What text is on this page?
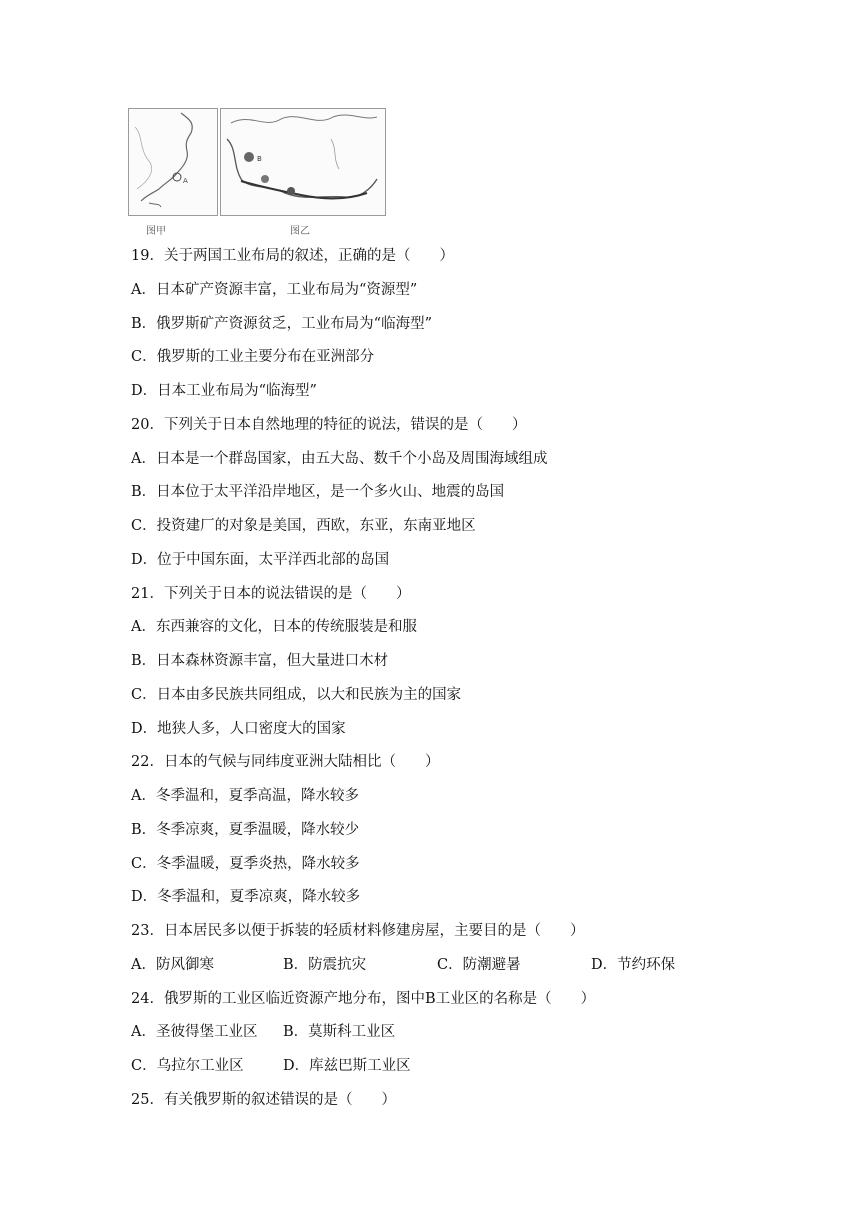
A
B
图甲	图乙
19．关于两国工业布局的叙述，正确的是（　　）
A．日本矿产资源丰富，工业布局为“资源型”
B．俄罗斯矿产资源贫乏，工业布局为“临海型”
C．俄罗斯的工业主要分布在亚洲部分
D．日本工业布局为“临海型”
20．下列关于日本自然地理的特征的说法，错误的是（　　）
A．日本是一个群岛国家，由五大岛、数千个小岛及周围海域组成
B．日本位于太平洋沿岸地区，是一个多火山、地震的岛国
C．投资建厂的对象是美国，西欧，东亚，东南亚地区
D．位于中国东面，太平洋西北部的岛国
21．下列关于日本的说法错误的是（　　）
A．东西兼容的文化，日本的传统服装是和服
B．日本森林资源丰富，但大量进口木材
C．日本由多民族共同组成，以大和民族为主的国家
D．地狭人多，人口密度大的国家
22．日本的气候与同纬度亚洲大陆相比（　　）
A．冬季温和，夏季高温，降水较多
B．冬季凉爽，夏季温暖，降水较少
C．冬季温暖，夏季炎热，降水较多
D．冬季温和，夏季凉爽，降水较多
23．日本居民多以便于拆装的轻质材料修建房屋，主要目的是（　　）
A．防风御寒	B．防震抗灾	C．防潮避暑	D．节约环保
24．俄罗斯的工业区临近资源产地分布，图中B工业区的名称是（　　）
A．圣彼得堡工业区 B．莫斯科工业区
C．乌拉尔工业区	D．库兹巴斯工业区
25．有关俄罗斯的叙述错误的是（　　）
